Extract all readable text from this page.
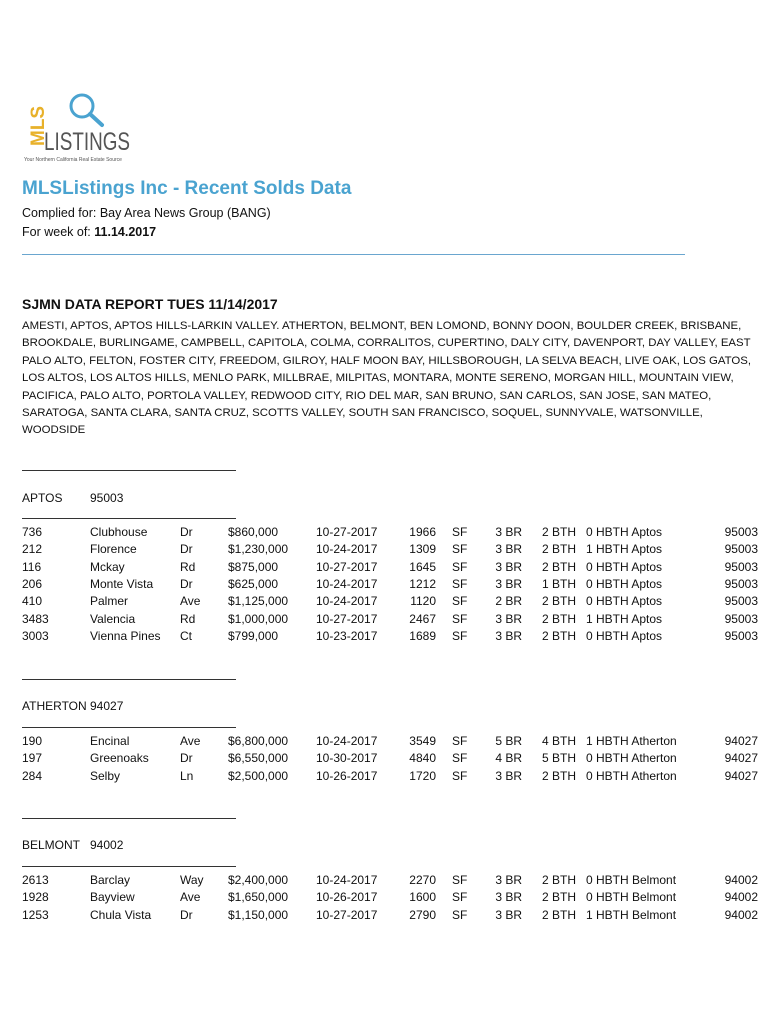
MLS
LISTINGS
Your Northern California Real Estate Source
MLSListings Inc - Recent Solds Data
Complied for: Bay Area News Group (BANG)
For week of: 11.14.2017
SJMN DATA REPORT TUES 11/14/2017
AMESTI, APTOS, APTOS HILLS-LARKIN VALLEY. ATHERTON, BELMONT, BEN LOMOND, BONNY DOON, BOULDER CREEK, BRISBANE,
BROOKDALE, BURLINGAME, CAMPBELL, CAPITOLA, COLMA, CORRALITOS, CUPERTINO, DALY CITY, DAVENPORT, DAY VALLEY, EAST
PALO ALTO, FELTON, FOSTER CITY, FREEDOM, GILROY, HALF MOON BAY, HILLSBOROUGH, LA SELVA BEACH, LIVE OAK, LOS GATOS,
LOS ALTOS, LOS ALTOS HILLS, MENLO PARK, MILLBRAE, MILPITAS, MONTARA, MONTE SERENO, MORGAN HILL, MOUNTAIN VIEW,
PACIFICA, PALO ALTO, PORTOLA VALLEY, REDWOOD CITY, RIO DEL MAR, SAN BRUNO, SAN CARLOS, SAN JOSE, SAN MATEO,
SARATOGA, SANTA CLARA, SANTA CRUZ, SCOTTS VALLEY, SOUTH SAN FRANCISCO, SOQUEL, SUNNYVALE, WATSONVILLE, WOODSIDE
APTOS 95003
736	Clubhouse	Dr	$860,000	10-27-2017	1966 SF	3 BR 2 BTH 0 HBTH Aptos	95003
212	Florence	Dr	$1,230,000 10-24-2017	1309 SF	3 BR 2 BTH 1 HBTH Aptos	95003
116	Mckay	Rd	$875,000	10-27-2017	1645 SF	3 BR 2 BTH 0 HBTH Aptos	95003
206	Monte Vista Dr	$625,000	10-24-2017	1212 SF	3 BR 1 BTH 0 HBTH Aptos	95003
410	Palmer	Ave $1,125,000 10-24-2017	1120 SF	2 BR 2 BTH 0 HBTH Aptos	95003
3483	Valencia	Rd	$1,000,000 10-27-2017	2467 SF	3 BR 2 BTH 1 HBTH Aptos	95003
3003	Vienna Pines Ct	$799,000	10-23-2017	1689 SF	3 BR 2 BTH 0 HBTH Aptos	95003
ATHERTON 94027
190	Encinal	Ave $6,800,000 10-24-2017	3549 SF	5 BR 4 BTH 1 HBTH Atherton	94027
197	Greenoaks	Dr	$6,550,000 10-30-2017	4840 SF	4 BR 5 BTH 0 HBTH Atherton	94027
284	Selby	Ln	$2,500,000 10-26-2017	1720 SF	3 BR 2 BTH 0 HBTH Atherton	94027
BELMONT 94002
2613	Barclay	Way $2,400,000 10-24-2017	2270 SF	3 BR 2 BTH 0 HBTH Belmont	94002
1928	Bayview	Ave $1,650,000 10-26-2017	1600 SF	3 BR 2 BTH 0 HBTH Belmont	94002
1253	Chula Vista Dr	$1,150,000 10-27-2017	2790 SF	3 BR 2 BTH 1 HBTH Belmont	94002
